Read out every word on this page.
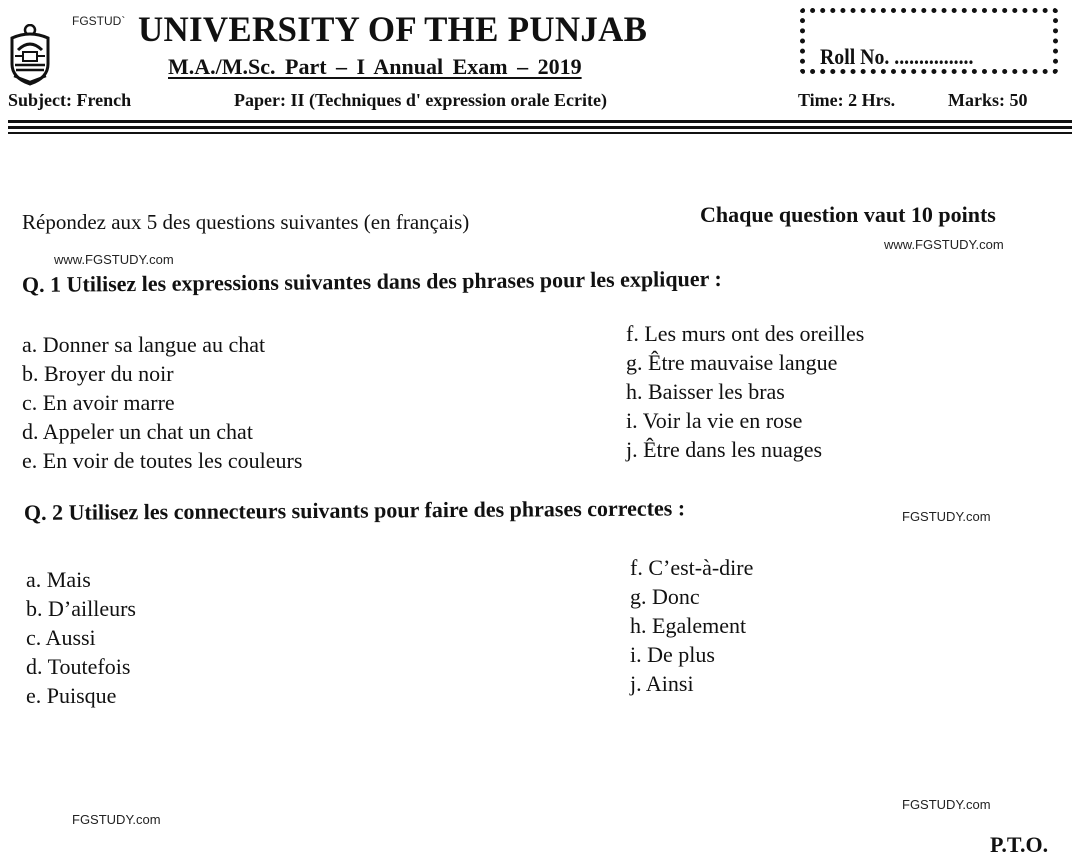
FGSTUD` UNIVERSITY OF THE PUNJAB
M.A./M.Sc. Part – I Annual Exam – 2019
Subject: French	Paper: II (Techniques d' expression orale Ecrite)	Time: 2 Hrs.	Marks: 50
Roll No. ................
Répondez aux 5 des questions suivantes (en français)	Chaque question vaut 10 points
www.FGSTUDY.com
www.FGSTUDY.com
Q. 1 Utilisez les expressions suivantes dans des phrases pour les expliquer :
a. Donner sa langue au chat
b. Broyer du noir
c. En avoir marre
d. Appeler un chat un chat
e. En voir de toutes les couleurs
f. Les murs ont des oreilles
g. Être mauvaise langue
h. Baisser les bras
i. Voir la vie en rose
j. Être dans les nuages
Q. 2 Utilisez les connecteurs suivants pour faire des phrases correctes :	FGSTUDY.com
a. Mais
b. D’ailleurs
c. Aussi
d. Toutefois
e. Puisque
f. C’est-à-dire
g. Donc
h. Egalement
i. De plus
j. Ainsi
FGSTUDY.com
FGSTUDY.com
P.T.O.
